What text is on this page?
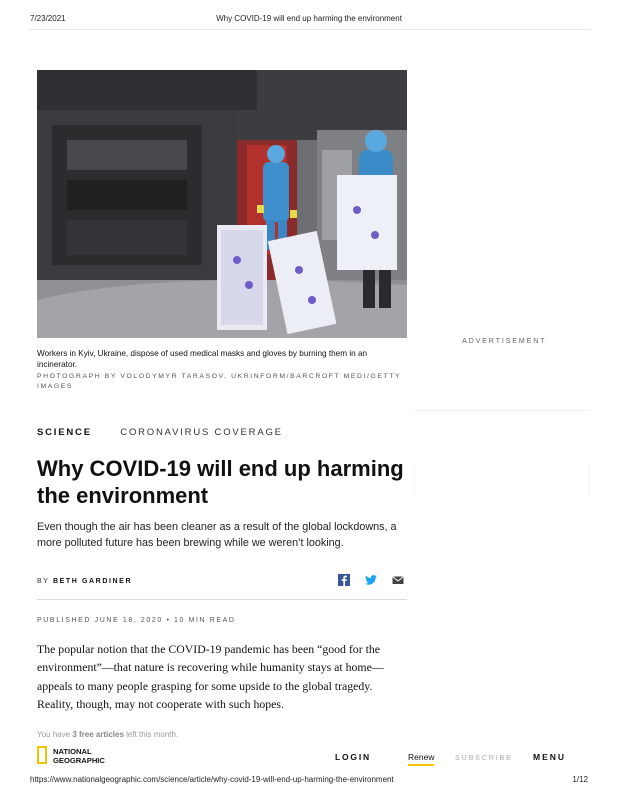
7/23/2021	Why COVID-19 will end up harming the environment
Workers in Kyiv, Ukraine, dispose of used medical masks and gloves by burning them in an incinerator.
PHOTOGRAPH BY VOLODYMYR TARASOV, UKRINFORM/BARCROFT MEDI/GETTY IMAGES
ADVERTISEMENT
SCIENCE	CORONAVIRUS COVERAGE
Why COVID-19 will end up harming the environment

Even though the air has been cleaner as a result of the global lockdowns, a more polluted future has been brewing while we weren’t looking.

BY BETH GARDINER
PUBLISHED JUNE 18, 2020 • 10 MIN READ

The popular notion that the COVID-19 pandemic has been “good for the environment”—that nature is recovering while humanity stays at home—appeals to many people grasping for some upside to the global tragedy. Reality, though, may not cooperate with such hopes.

You have 3 free articles left this month.
NATIONAL
GEOGRAPHIC	LOGIN	Renew	SUBSCRIBE MENU
https://www.nationalgeographic.com/science/article/why-covid-19-will-end-up-harming-the-environment	1/12
